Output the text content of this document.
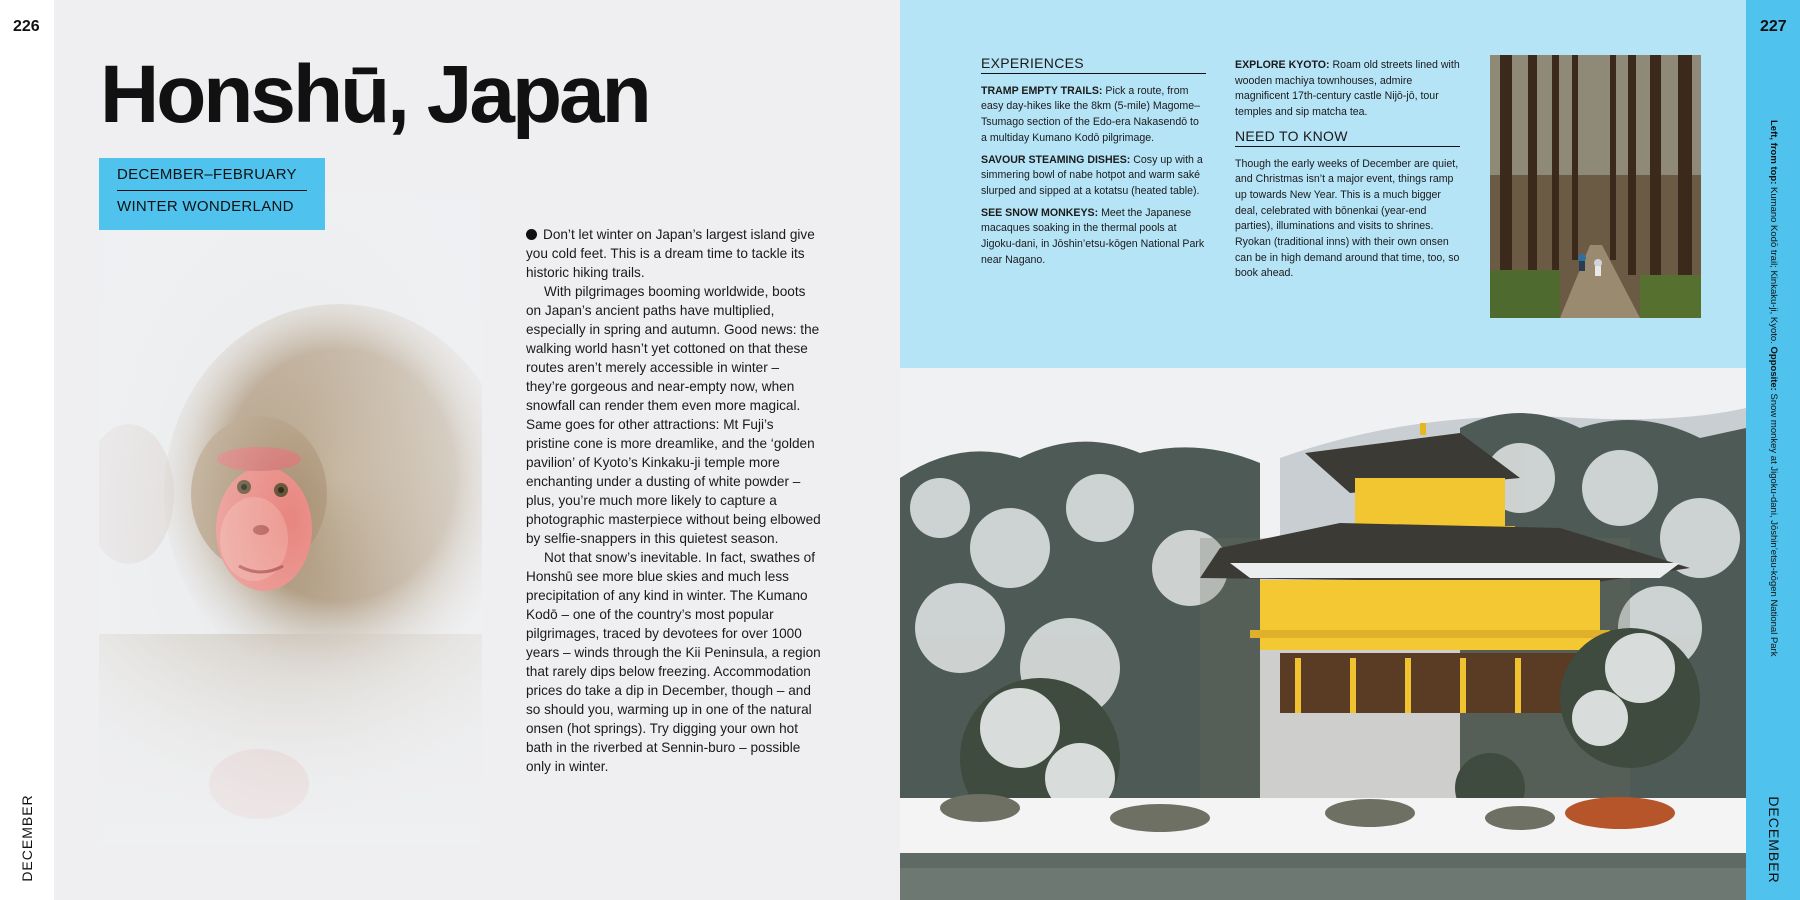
226
DECEMBER
Honshū, Japan
DECEMBER–FEBRUARY
WINTER WONDERLAND

Don’t let winter on Japan’s largest island give you cold feet. This is a dream time to tackle its historic hiking trails.

With pilgrimages booming worldwide, boots on Japan’s ancient paths have multiplied, especially in spring and autumn. Good news: the walking world hasn’t yet cottoned on that these routes aren’t merely accessible in winter – they’re gorgeous and near-empty now, when snowfall can render them even more magical. Same goes for other attractions: Mt Fuji’s pristine cone is more dreamlike, and the ‘golden pavilion’ of Kyoto’s Kinkaku-ji temple more enchanting under a dusting of white powder – plus, you’re much more likely to capture a photographic masterpiece without being elbowed by selfie-snappers in this quietest season.

Not that snow’s inevitable. In fact, swathes of Honshū see more blue skies and much less precipitation of any kind in winter. The Kumano Kodō – one of the country’s most popular pilgrimages, traced by devotees for over 1000 years – winds through the Kii Peninsula, a region that rarely dips below freezing. Accommodation prices do take a dip in December, though – and so should you, warming up in one of the natural onsen (hot springs). Try digging your own hot bath in the riverbed at Sennin-buro – possible only in winter.

227
DECEMBER
Left, from top: Kumano Kodō trail; Kinkaku-ji, Kyoto. Opposite: Snow monkey at Jigoku-dani, Jōshin’etsu-kōgen National Park
EXPERIENCES

TRAMP EMPTY TRAILS: Pick a route, from easy day-hikes like the 8km (5-mile) Magome–Tsumago section of the Edo-era Nakasendō to a multiday Kumano Kodō pilgrimage.

SAVOUR STEAMING DISHES: Cosy up with a simmering bowl of nabe hotpot and warm saké slurped and sipped at a kotatsu (heated table).

SEE SNOW MONKEYS: Meet the Japanese macaques soaking in the thermal pools at Jigoku-dani, in Jōshin’etsu-kōgen National Park near Nagano.

EXPLORE KYOTO: Roam old streets lined with wooden machiya townhouses, admire magnificent 17th-century castle Nijō-jō, tour temples and sip matcha tea.

NEED TO KNOW

Though the early weeks of December are quiet, and Christmas isn’t a major event, things ramp up towards New Year. This is a much bigger deal, celebrated with bōnenkai (year-end parties), illuminations and visits to shrines. Ryokan (traditional inns) with their own onsen can be in high demand around that time, too, so book ahead.
